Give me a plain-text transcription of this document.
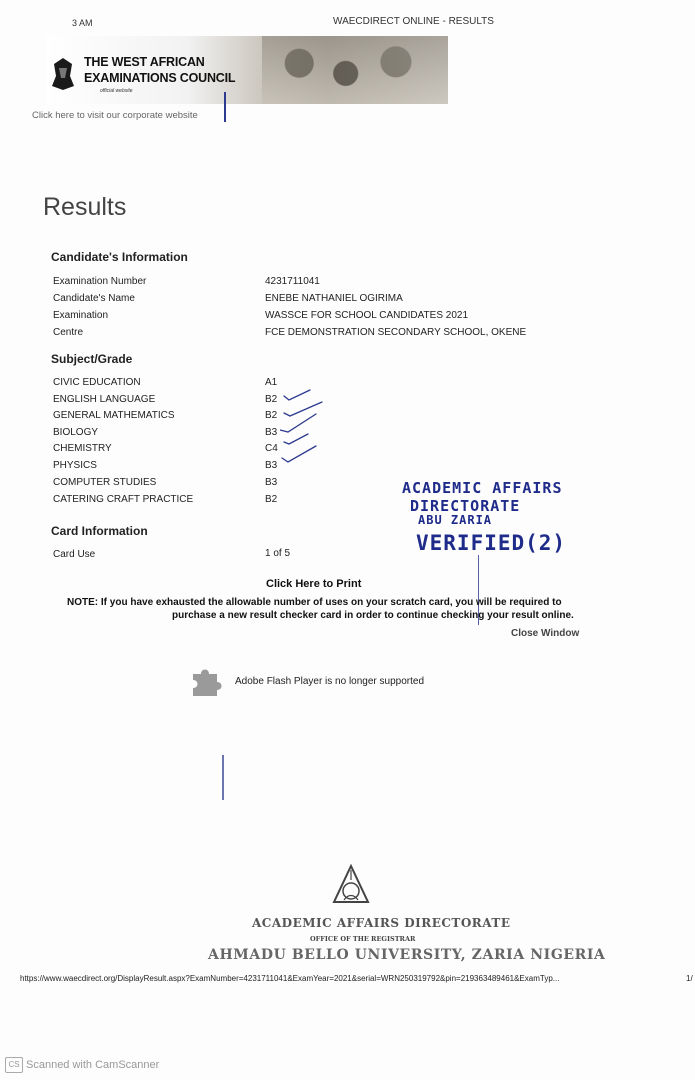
3 AM	WAECDIRECT ONLINE - RESULTS
THE WEST AFRICAN
EXAMINATIONS COUNCIL
official website
Click here to visit our corporate website
Results
Candidate's Information
Examination Number	4231711041
Candidate's Name	ENEBE NATHANIEL OGIRIMA
Examination	WASSCE FOR SCHOOL CANDIDATES 2021
Centre	FCE DEMONSTRATION SECONDARY SCHOOL, OKENE
Subject/Grade
CIVIC EDUCATION	A1
ENGLISH LANGUAGE	B2
GENERAL MATHEMATICS	B2
BIOLOGY	B3
CHEMISTRY	C4
PHYSICS	B3
COMPUTER STUDIES	B3
CATERING CRAFT PRACTICE	B2
ACADEMIC AFFAIRS
DIRECTORATE
ABU ZARIA
VERIFIED(2)
Card Information
Card Use	1 of 5
Click Here to Print
NOTE: If you have exhausted the allowable number of uses on your scratch card, you will be required to
purchase a new result checker card in order to continue checking your result online.
Close Window
Adobe Flash Player is no longer supported
ACADEMIC AFFAIRS DIRECTORATE
OFFICE OF THE REGISTRAR
AHMADU BELLO UNIVERSITY, ZARIA NIGERIA
https://www.waecdirect.org/DisplayResult.aspx?ExamNumber=4231711041&ExamYear=2021&serial=WRN250319792&pin=219363489461&ExamTyp...	1/
CS Scanned with CamScanner
